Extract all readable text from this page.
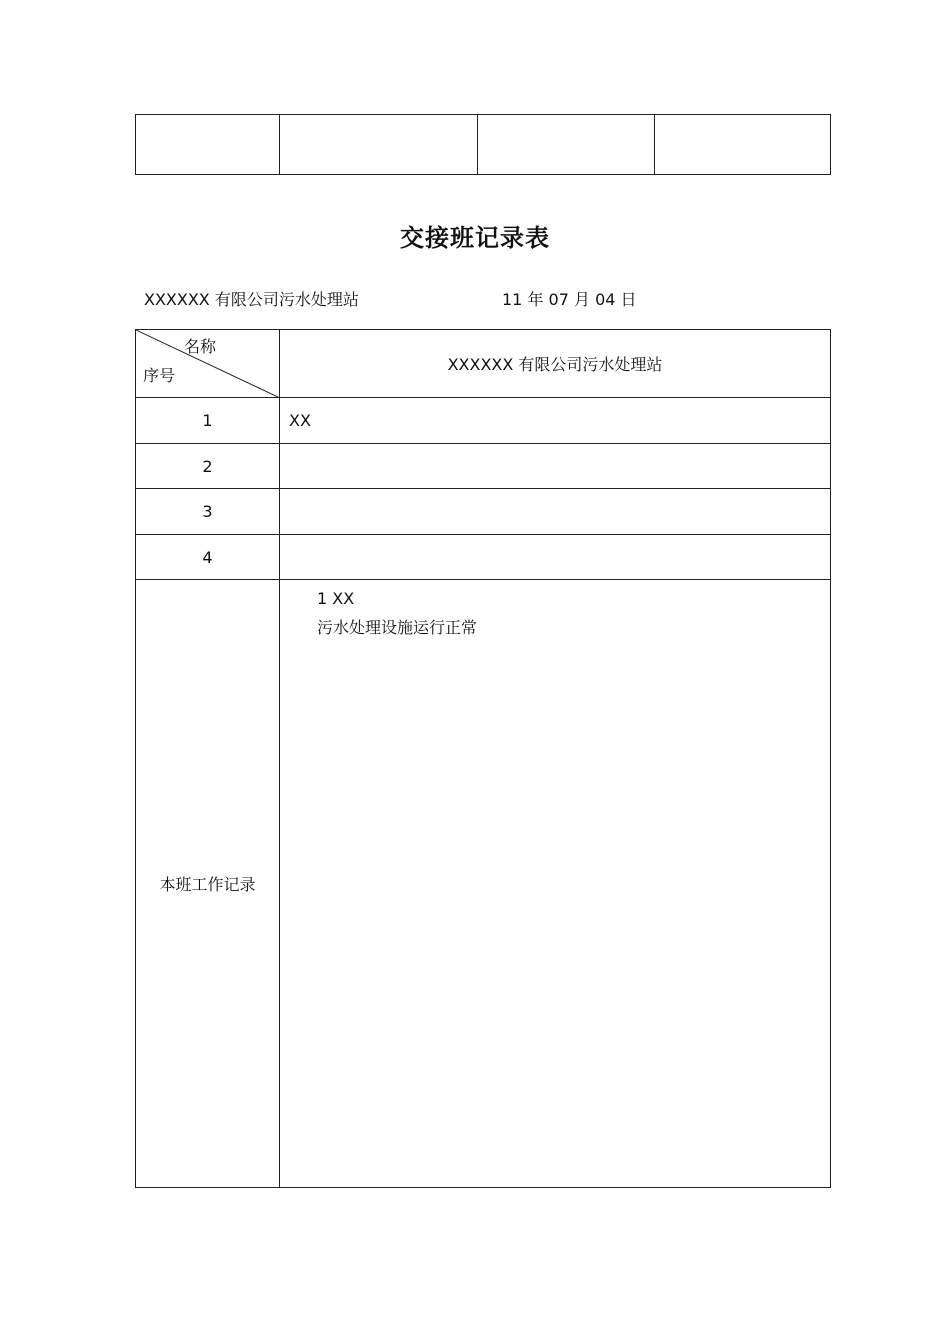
交接班记录表
XXXXXX 有限公司污水处理站	11 年 07 月 04 日
名称
序号	XXXXXX 有限公司污水处理站
1	XX
2	
3	
4	
本班工作记录	1 XX
污水处理设施运行正常
